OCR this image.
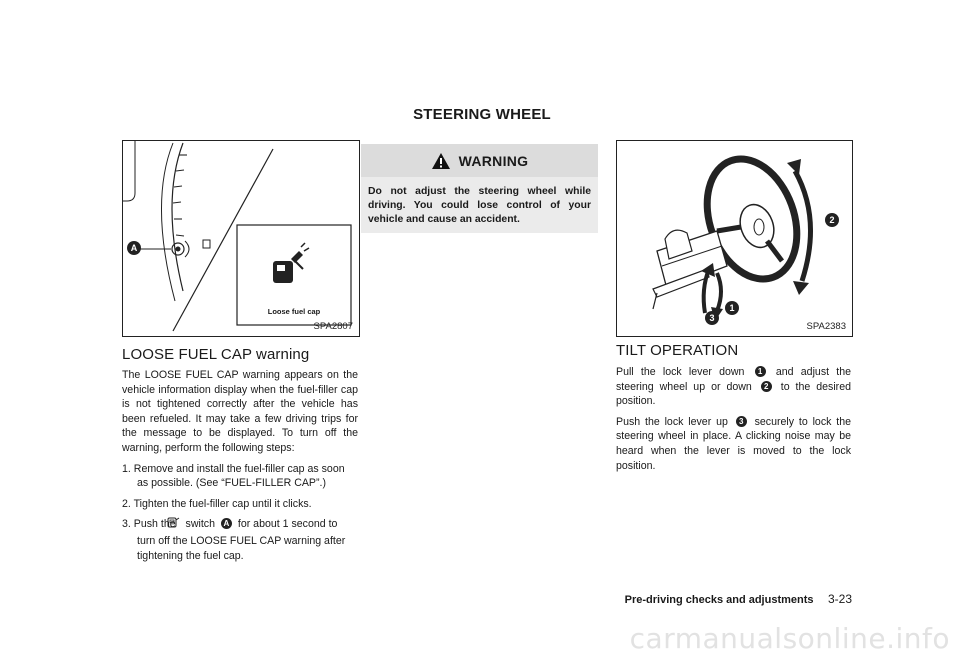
STEERING WHEEL
A
Loose fuel cap
SPA2807
LOOSE FUEL CAP warning

The LOOSE FUEL CAP warning appears on the vehicle information display when the fuel-filler cap is not tightened correctly after the vehicle has been refueled. It may take a few driving trips for the message to be displayed. To turn off the warning, perform the following steps:

1. Remove and install the fuel-filler cap as soon as possible. (See “FUEL-FILLER CAP”.)
2. Tighten the fuel-filler cap until it clicks.
3. Push the switch A for about 1 second to turn off the LOOSE FUEL CAP warning after tightening the fuel cap.
WARNING
Do not adjust the steering wheel while driving. You could lose control of your vehicle and cause an accident.	2
1
3
SPA2383
TILT OPERATION

Pull the lock lever down 1 and adjust the steering wheel up or down 2 to the desired position.

Push the lock lever up 3 securely to lock the steering wheel in place. A clicking noise may be heard when the lever is moved to the lock position.

Pre-driving checks and adjustments 3-23
carmanualsonline.info
